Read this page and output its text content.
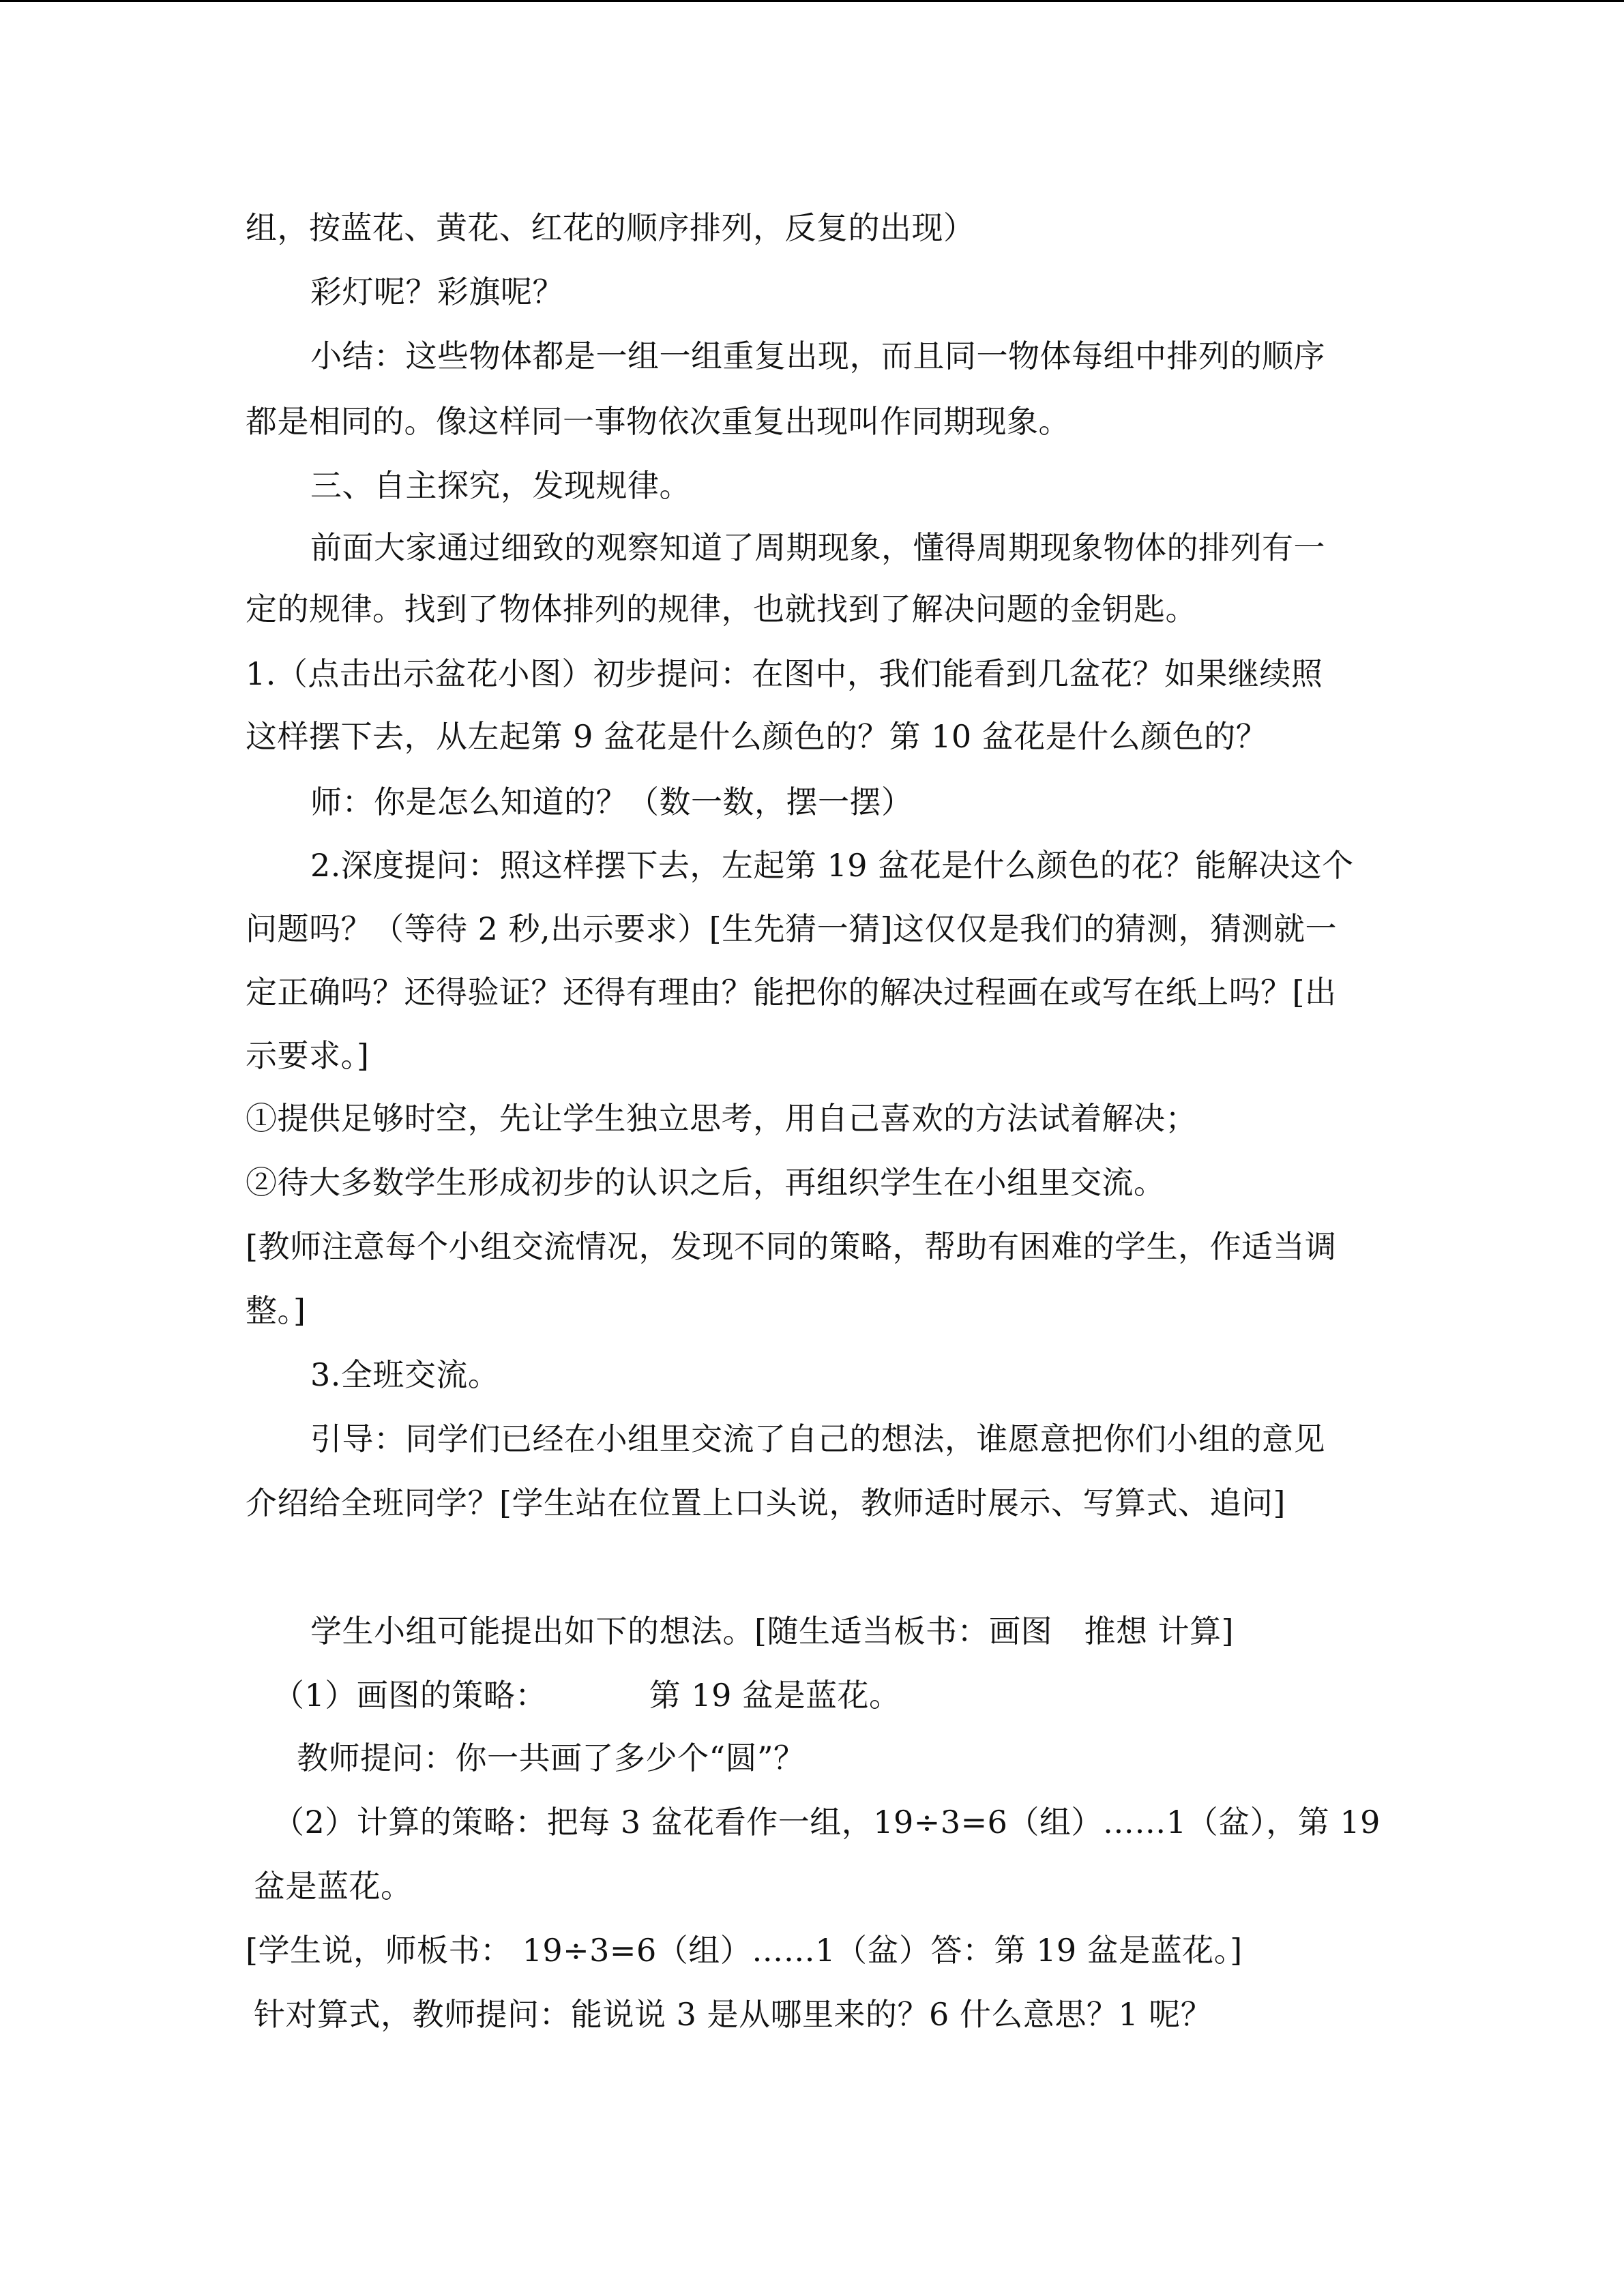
组，按蓝花、黄花、红花的顺序排列，反复的出现）
彩灯呢？彩旗呢？
小结：这些物体都是一组一组重复出现，而且同一物体每组中排列的顺序
都是相同的。像这样同一事物依次重复出现叫作同期现象。
三、自主探究，发现规律。
前面大家通过细致的观察知道了周期现象，懂得周期现象物体的排列有一
定的规律。找到了物体排列的规律，也就找到了解决问题的金钥匙。
1.（点击出示盆花小图）初步提问：在图中，我们能看到几盆花？如果继续照
这样摆下去，从左起第 9 盆花是什么颜色的？第 10 盆花是什么颜色的？
师：你是怎么知道的？（数一数，摆一摆）
2.深度提问：照这样摆下去，左起第 19 盆花是什么颜色的花？能解决这个
问题吗？（等待 2 秒,出示要求）[生先猜一猜]这仅仅是我们的猜测，猜测就一
定正确吗？还得验证？还得有理由？能把你的解决过程画在或写在纸上吗？[出
示要求。]
①提供足够时空，先让学生独立思考，用自己喜欢的方法试着解决；
②待大多数学生形成初步的认识之后，再组织学生在小组里交流。
[教师注意每个小组交流情况，发现不同的策略，帮助有困难的学生，作适当调
整。]
3.全班交流。
引导：同学们已经在小组里交流了自己的想法，谁愿意把你们小组的意见
介绍给全班同学？[学生站在位置上口头说，教师适时展示、写算式、追问]
学生小组可能提出如下的想法。[随生适当板书：画图　推想 计算]
（1）画图的策略：	第 19 盆是蓝花。
教师提问：你一共画了多少个“圆”？
（2）计算的策略：把每 3 盆花看作一组，19÷3=6（组）……1（盆），第 19
盆是蓝花。
[学生说，师板书： 19÷3=6（组）……1（盆）答：第 19 盆是蓝花。]
针对算式，教师提问：能说说 3 是从哪里来的？6 什么意思？1 呢？
